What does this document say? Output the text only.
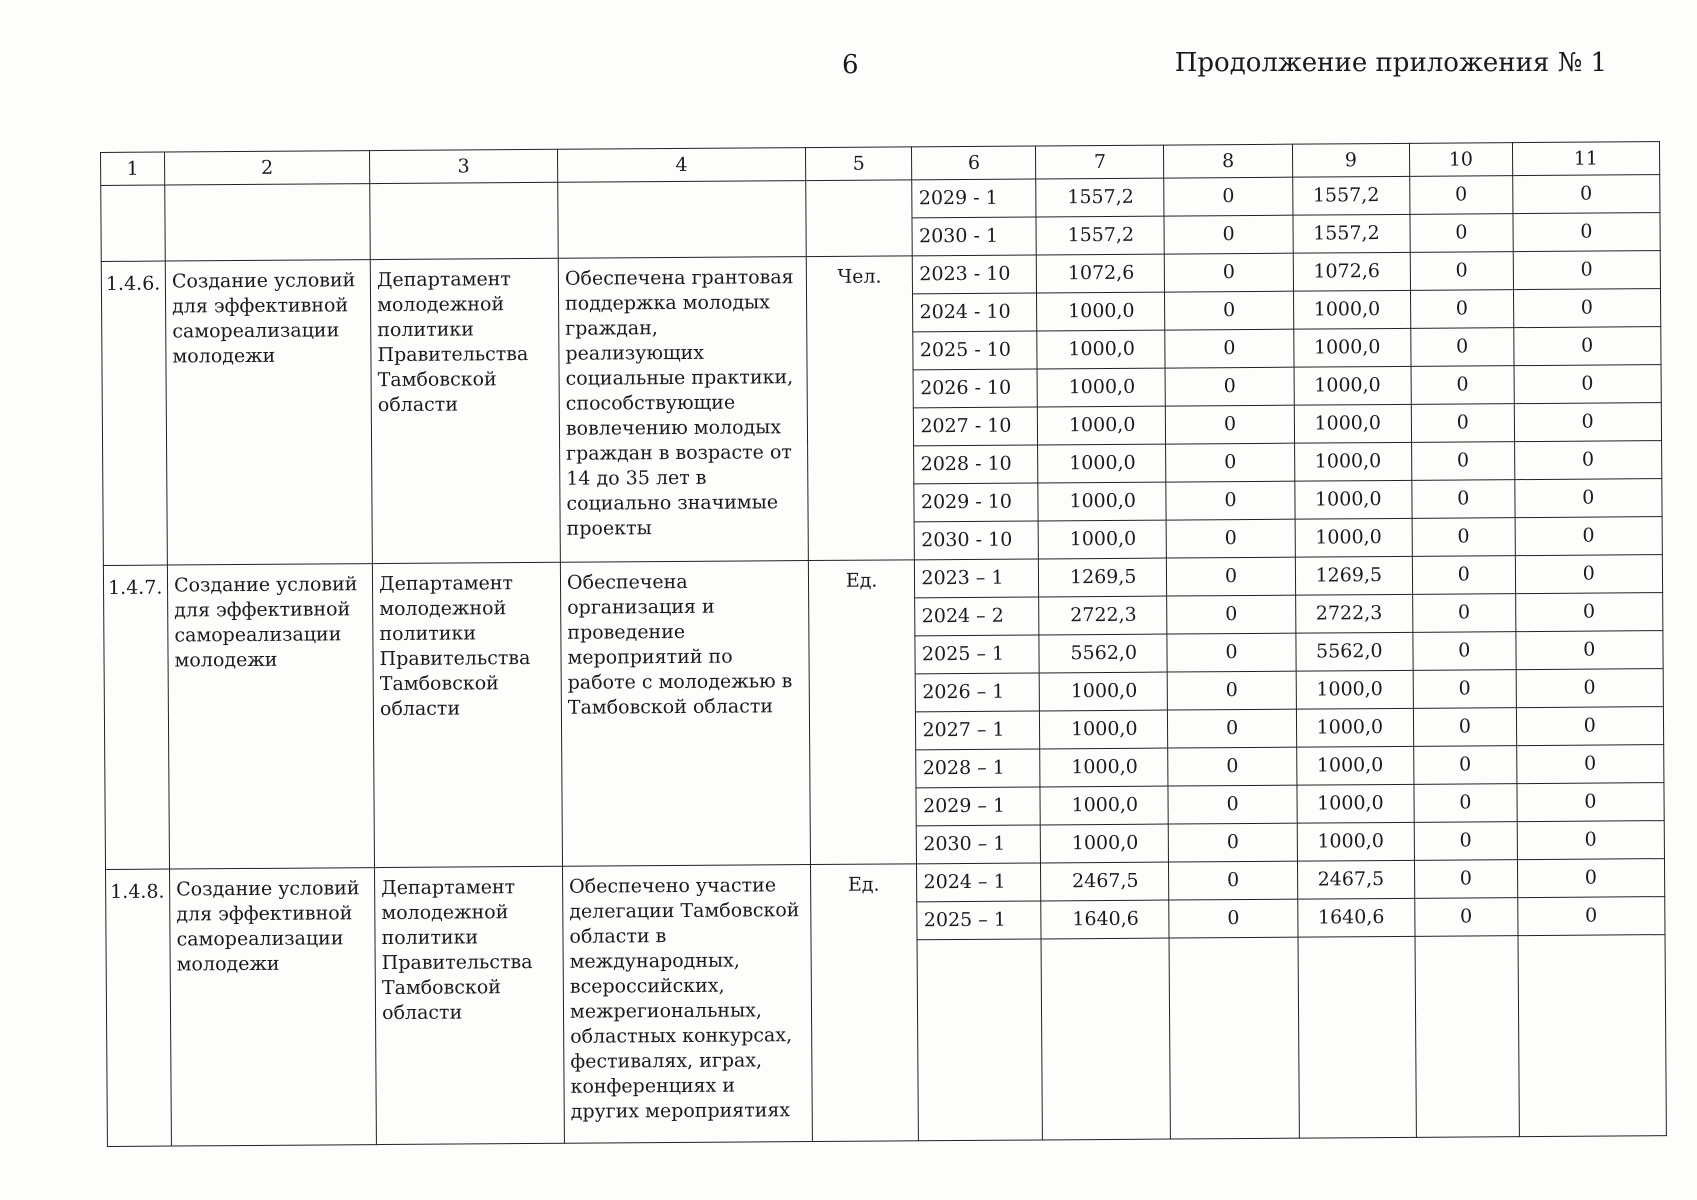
6	Продолжение приложения № 1
1	2	3	4	5	6	7	8	9	10	11
					2029 - 1	1557,2	0	1557,2	0	0
					2030 - 1	1557,2	0	1557,2	0	0
1.4.6.	Создание условий для эффективной самореализации молодежи	Департамент молодежной политики Правительства Тамбовской области	Обеспечена грантовая поддержка молодых граждан, реализующих социальные практики, способствующие вовлечению молодых граждан в возрасте от 14 до 35 лет в социально значимые проекты	Чел.	2023 - 10	1072,6	0	1072,6	0	0
					2024 - 10	1000,0	0	1000,0	0	0
					2025 - 10	1000,0	0	1000,0	0	0
					2026 - 10	1000,0	0	1000,0	0	0
					2027 - 10	1000,0	0	1000,0	0	0
					2028 - 10	1000,0	0	1000,0	0	0
					2029 - 10	1000,0	0	1000,0	0	0
					2030 - 10	1000,0	0	1000,0	0	0
1.4.7.	Создание условий для эффективной самореализации молодежи	Департамент молодежной политики Правительства Тамбовской области	Обеспечена организация и проведение мероприятий по работе с молодежью в Тамбовской области	Ед.	2023 – 1	1269,5	0	1269,5	0	0
					2024 – 2	2722,3	0	2722,3	0	0
					2025 – 1	5562,0	0	5562,0	0	0
					2026 – 1	1000,0	0	1000,0	0	0
					2027 – 1	1000,0	0	1000,0	0	0
					2028 – 1	1000,0	0	1000,0	0	0
					2029 – 1	1000,0	0	1000,0	0	0
					2030 – 1	1000,0	0	1000,0	0	0
1.4.8.	Создание условий для эффективной самореализации молодежи	Департамент молодежной политики Правительства Тамбовской области	Обеспечено участие делегации Тамбовской области в международных, всероссийских, межрегиональных, областных конкурсах, фестивалях, играх, конференциях и других мероприятиях	Ед.	2024 – 1	2467,5	0	2467,5	0	0
					2025 – 1	1640,6	0	1640,6	0	0
